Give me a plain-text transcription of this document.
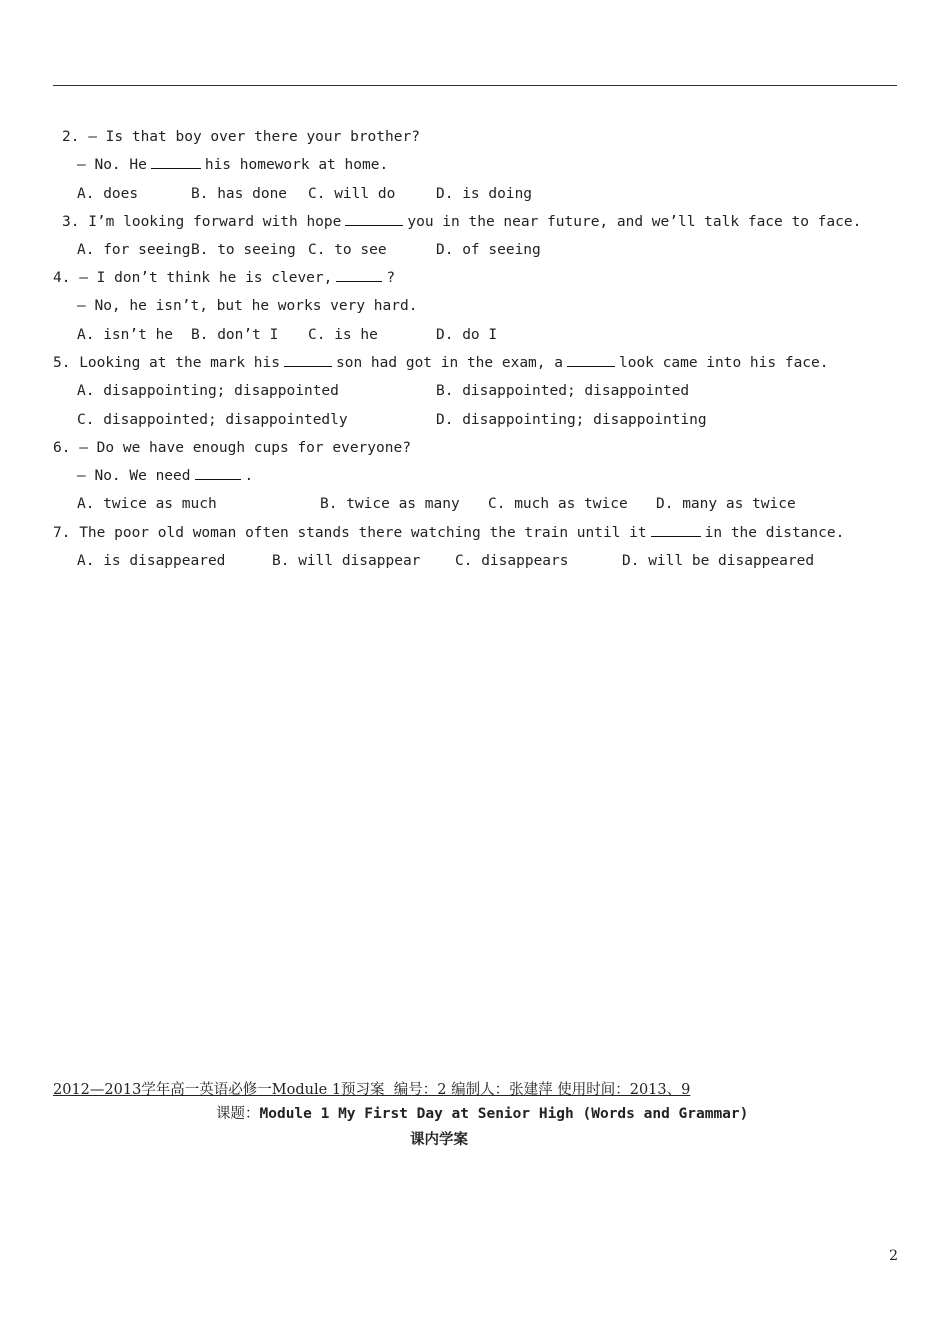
2. — Is that boy over there your brother?
— No. He	his homework at home.
A. does	B. has done C. will do	D. is doing
3. I’m looking forward with hope	you in the near future, and we’ll talk face to face.
A. for seeing B. to seeing C. to see	D. of seeing
4. — I don’t think he is clever,	?
— No, he isn’t, but he works very hard.
A. isn’t he B. don’t I C. is he	D. do I
5. Looking at the mark his	son had got in the exam, a	look came into his face.
A. disappointing; disappointed	B. disappointed; disappointed
C. disappointed; disappointedly	D. disappointing; disappointing
6. — Do we have enough cups for everyone?
— No. We need	.
A. twice as much	B. twice as many C. much as twice D. many as twice
7. The poor old woman often stands there watching the train until it	in the distance.
A. is disappeared	B. will disappear C. disappears	D. will be disappeared
2012—2013学年高一英语必修一Module 1预习案  编号：2 编制人：张建萍 使用时间：2013、9
课题：Module 1 My First Day at Senior High (Words and Grammar)
课内学案
2
